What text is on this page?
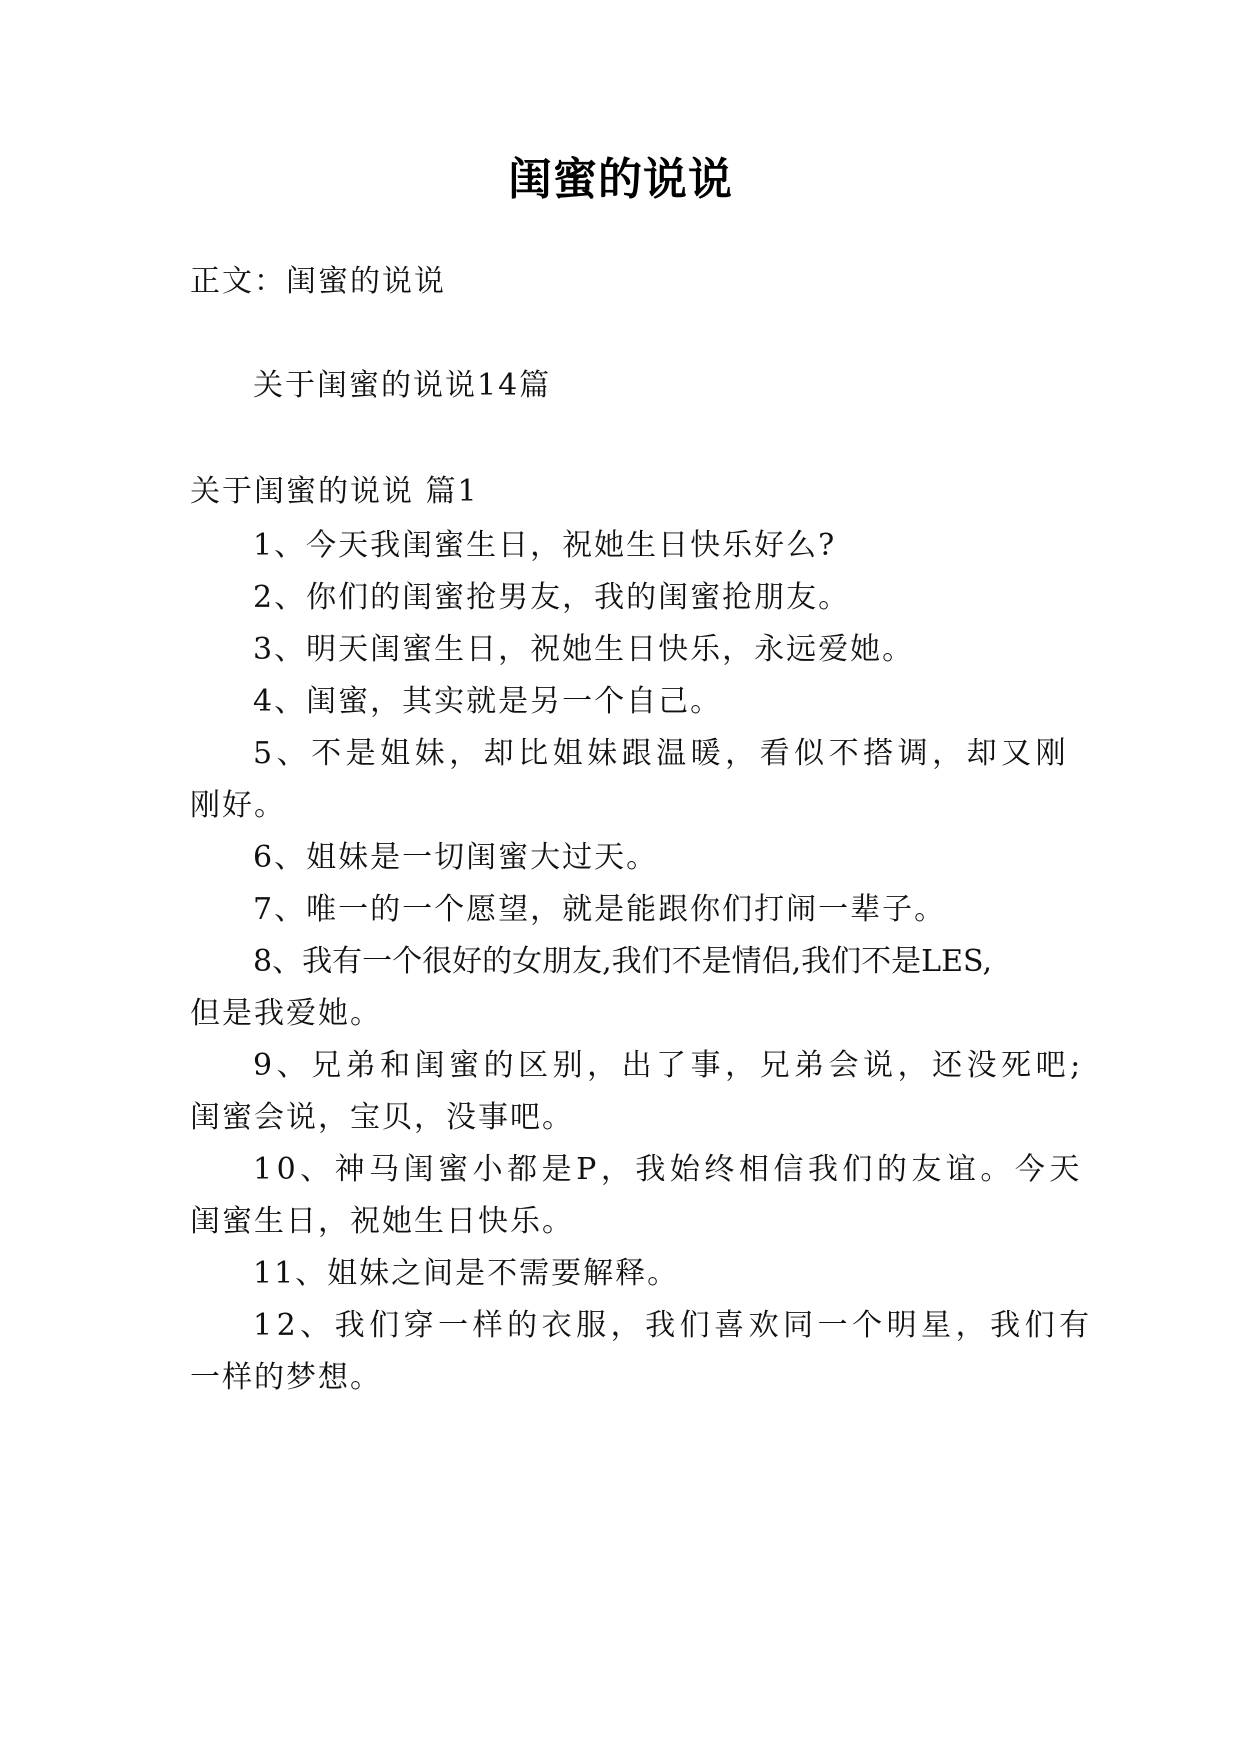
闺蜜的说说
正文：闺蜜的说说
关于闺蜜的说说14篇
关于闺蜜的说说 篇1
1、今天我闺蜜生日，祝她生日快乐好么?
2、你们的闺蜜抢男友，我的闺蜜抢朋友。
3、明天闺蜜生日，祝她生日快乐，永远爱她。
4、闺蜜，其实就是另一个自己。
5、不是姐妹，却比姐妹跟温暖，看似不搭调，却又刚
刚好。
6、姐妹是一切闺蜜大过天。
7、唯一的一个愿望，就是能跟你们打闹一辈子。
8、我有一个很好的女朋友,我们不是情侣,我们不是LES,
但是我爱她。
9、兄弟和闺蜜的区别，出了事，兄弟会说，还没死吧;
闺蜜会说，宝贝，没事吧。
10、神马闺蜜小都是P，我始终相信我们的友谊。今天
闺蜜生日，祝她生日快乐。
11、姐妹之间是不需要解释。
12、我们穿一样的衣服，我们喜欢同一个明星，我们有
一样的梦想。
